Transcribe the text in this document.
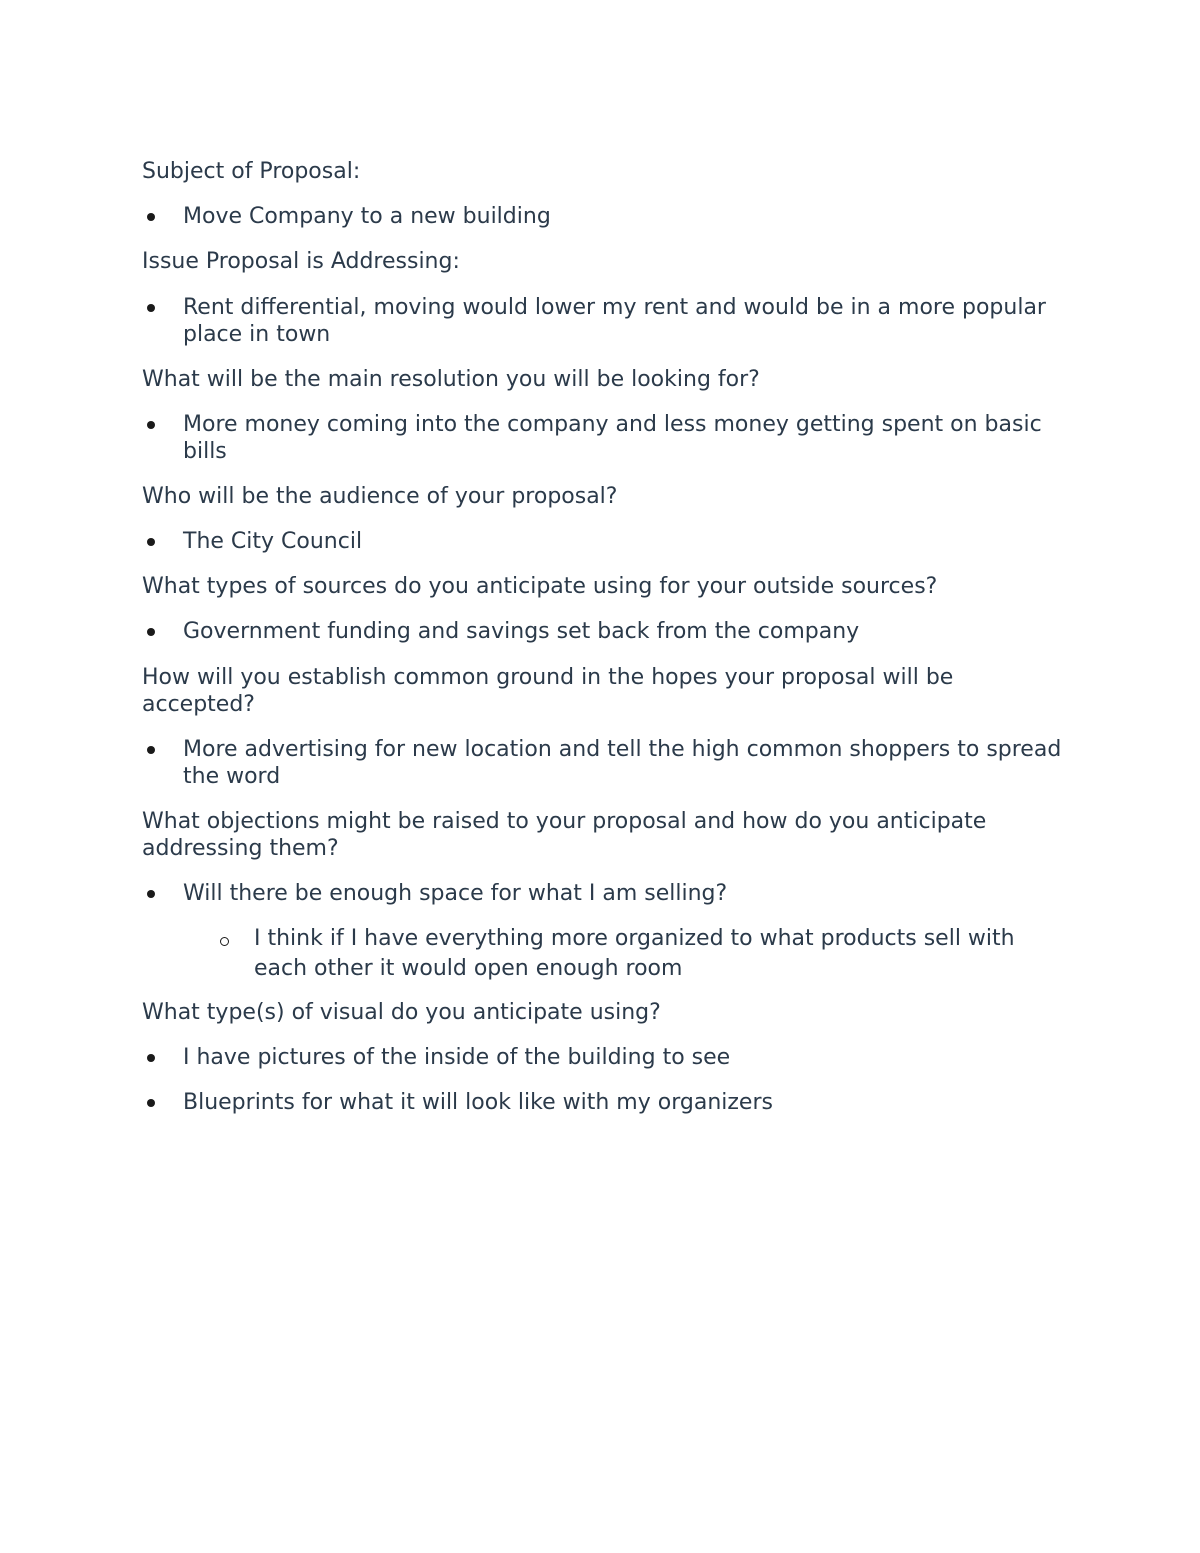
Subject of Proposal:
Move Company to a new building
Issue Proposal is Addressing:
Rent differential, moving would lower my rent and would be in a more popular place in town
What will be the main resolution you will be looking for?
More money coming into the company and less money getting spent on basic bills
Who will be the audience of your proposal?
The City Council
What types of sources do you anticipate using for your outside sources?
Government funding and savings set back from the company
How will you establish common ground in the hopes your proposal will be accepted?
More advertising for new location and tell the high common shoppers to spread the word
What objections might be raised to your proposal and how do you anticipate addressing them?
Will there be enough space for what I am selling?
I think if I have everything more organized to what products sell with each other it would open enough room
What type(s) of visual do you anticipate using?
I have pictures of the inside of the building to see
Blueprints for what it will look like with my organizers
